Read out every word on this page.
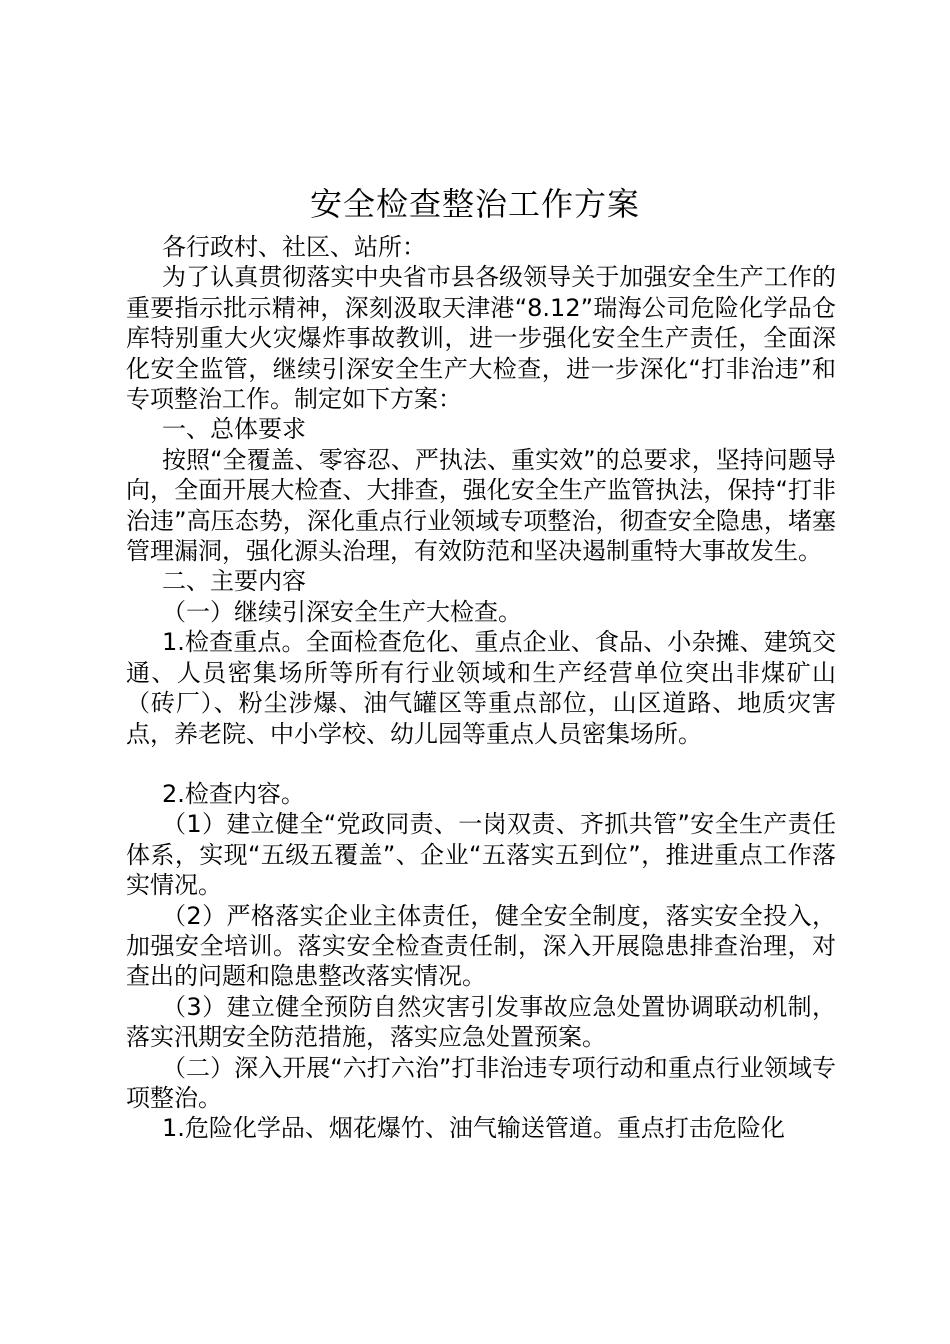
安全检查整治工作方案

各行政村、社区、站所：

为了认真贯彻落实中央省市县各级领导关于加强安全生产工作的重要指示批示精神，深刻汲取天津港“8.12”瑞海公司危险化学品仓库特别重大火灾爆炸事故教训，进一步强化安全生产责任，全面深化安全监管，继续引深安全生产大检查，进一步深化“打非治违”和专项整治工作。制定如下方案：

一、总体要求

按照“全覆盖、零容忍、严执法、重实效”的总要求，坚持问题导向，全面开展大检查、大排查，强化安全生产监管执法，保持“打非治违”高压态势，深化重点行业领域专项整治，彻查安全隐患，堵塞管理漏洞，强化源头治理，有效防范和坚决遏制重特大事故发生。

二、主要内容

（一）继续引深安全生产大检查。

1.检查重点。全面检查危化、重点企业、食品、小杂摊、建筑交通、人员密集场所等所有行业领域和生产经营单位突出非煤矿山（砖厂）、粉尘涉爆、油气罐区等重点部位，山区道路、地质灾害点，养老院、中小学校、幼儿园等重点人员密集场所。

2.检查内容。

（1）建立健全“党政同责、一岗双责、齐抓共管”安全生产责任体系，实现“五级五覆盖”、企业“五落实五到位”，推进重点工作落实情况。

（2）严格落实企业主体责任，健全安全制度，落实安全投入，加强安全培训。落实安全检查责任制，深入开展隐患排查治理，对查出的问题和隐患整改落实情况。

（3）建立健全预防自然灾害引发事故应急处置协调联动机制，落实汛期安全防范措施，落实应急处置预案。

（二）深入开展“六打六治”打非治违专项行动和重点行业领域专项整治。

1.危险化学品、烟花爆竹、油气输送管道。重点打击危险化
